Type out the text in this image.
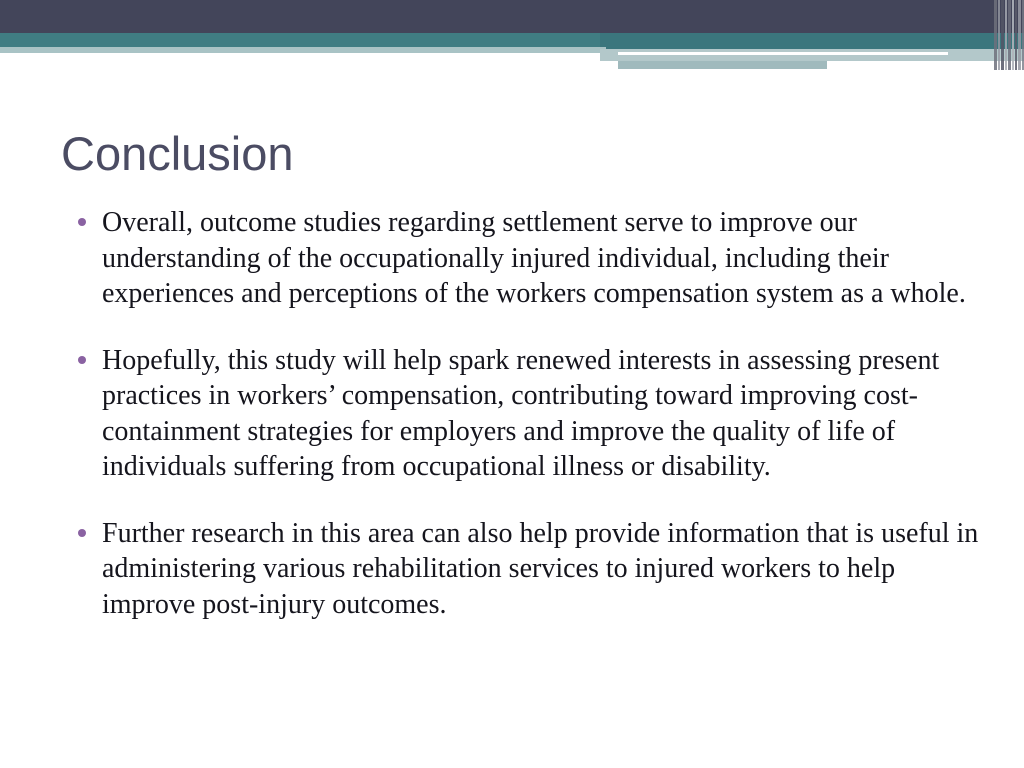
Conclusion
Overall, outcome studies regarding settlement serve to improve our understanding of the occupationally injured individual, including their experiences and perceptions of the workers compensation system as a whole.
Hopefully, this study will help spark renewed interests in assessing present practices in workers’ compensation, contributing toward improving cost-containment strategies for employers and improve the quality of life of individuals suffering from occupational illness or disability.
Further research in this area can also help provide information that is useful in administering various rehabilitation services to injured workers to help improve post-injury outcomes.
